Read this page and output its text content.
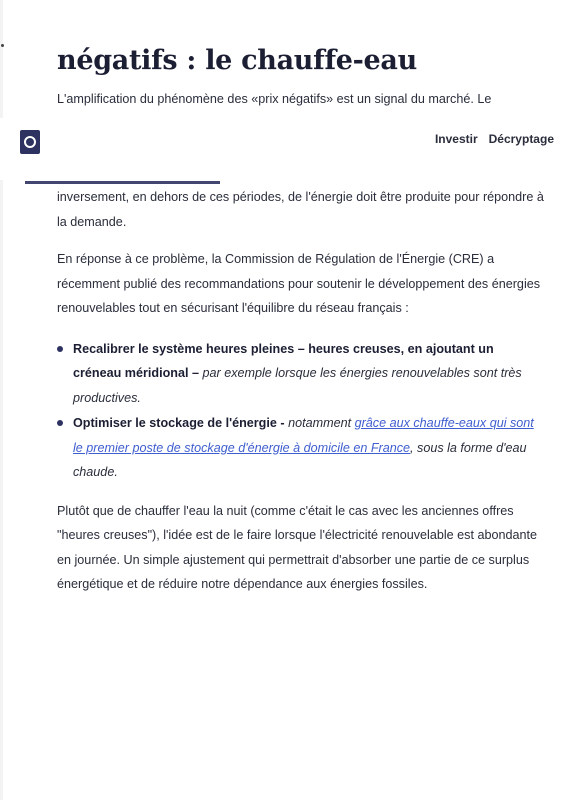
négatifs : le chauffe-eau

L'amplification du phénomène des «prix négatifs» est un signal du marché. Le

Investir Décryptage

inversement, en dehors de ces périodes, de l'énergie doit être produite pour répondre à la demande.

En réponse à ce problème, la Commission de Régulation de l'Énergie (CRE) a récemment publié des recommandations pour soutenir le développement des énergies renouvelables tout en sécurisant l'équilibre du réseau français :

Recalibrer le système heures pleines – heures creuses, en ajoutant un créneau méridional – par exemple lorsque les énergies renouvelables sont très productives.
Optimiser le stockage de l'énergie - notamment grâce aux chauffe-eaux qui sont le premier poste de stockage d'énergie à domicile en France, sous la forme d'eau chaude.

Plutôt que de chauffer l'eau la nuit (comme c'était le cas avec les anciennes offres "heures creuses"), l'idée est de le faire lorsque l'électricité renouvelable est abondante en journée. Un simple ajustement qui permettrait d'absorber une partie de ce surplus énergétique et de réduire notre dépendance aux énergies fossiles.
